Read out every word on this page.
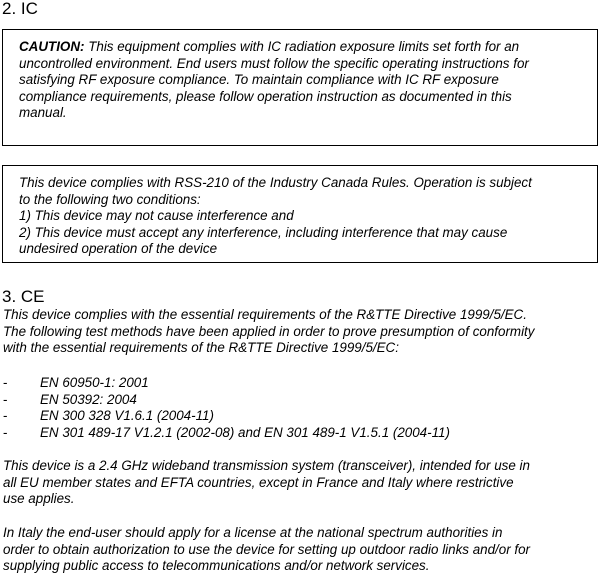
2. IC

CAUTION: This equipment complies with IC radiation exposure limits set forth for an
uncontrolled environment. End users must follow the specific operating instructions for
satisfying RF exposure compliance. To maintain compliance with IC RF exposure
compliance requirements, please follow operation instruction as documented in this
manual.

This device complies with RSS-210 of the Industry Canada Rules. Operation is subject
to the following two conditions:
1) This device may not cause interference and
2) This device must accept any interference, including interference that may cause
undesired operation of the device

3. CE

This device complies with the essential requirements of the R&TTE Directive 1999/5/EC.
The following test methods have been applied in order to prove presumption of conformity
with the essential requirements of the R&TTE Directive 1999/5/EC:

- EN 60950-1: 2001
- EN 50392: 2004
- EN 300 328 V1.6.1 (2004-11)
- EN 301 489-17 V1.2.1 (2002-08) and EN 301 489-1 V1.5.1 (2004-11)

This device is a 2.4 GHz wideband transmission system (transceiver), intended for use in
all EU member states and EFTA countries, except in France and Italy where restrictive
use applies.

In Italy the end-user should apply for a license at the national spectrum authorities in
order to obtain authorization to use the device for setting up outdoor radio links and/or for
supplying public access to telecommunications and/or network services.
